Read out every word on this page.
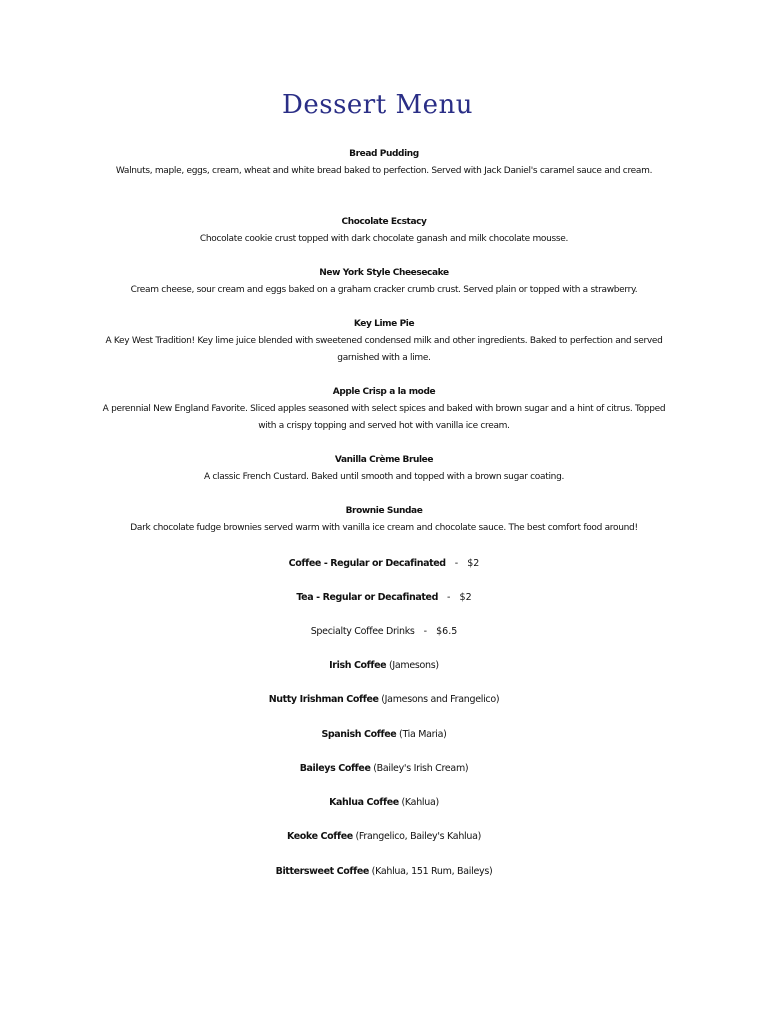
Dessert Menu
Bread Pudding
Walnuts, maple, eggs, cream, wheat and white bread baked to perfection. Served with Jack Daniel's caramel sauce and cream.
Chocolate Ecstacy
Chocolate cookie crust topped with dark chocolate ganash and milk chocolate mousse.
New York Style Cheesecake
Cream cheese, sour cream and eggs baked on a graham cracker crumb crust. Served plain or topped with a strawberry.
Key Lime Pie
A Key West Tradition! Key lime juice blended with sweetened condensed milk and other ingredients. Baked to perfection and served garnished with a lime.
Apple Crisp a la mode
A perennial New England Favorite. Sliced apples seasoned with select spices and baked with brown sugar and a hint of citrus. Topped with a crispy topping and served hot with vanilla ice cream.
Vanilla Crème Brulee
A classic French Custard. Baked until smooth and topped with a brown sugar coating.
Brownie Sundae
Dark chocolate fudge brownies served warm with vanilla ice cream and chocolate sauce. The best comfort food around!
Coffee - Regular or Decafinated   -   $2
Tea - Regular or Decafinated   -   $2
Specialty Coffee Drinks   -   $6.5
Irish Coffee (Jamesons)
Nutty Irishman Coffee (Jamesons and Frangelico)
Spanish Coffee (Tia Maria)
Baileys Coffee (Bailey's Irish Cream)
Kahlua Coffee (Kahlua)
Keoke Coffee (Frangelico, Bailey's Kahlua)
Bittersweet Coffee (Kahlua, 151 Rum, Baileys)
